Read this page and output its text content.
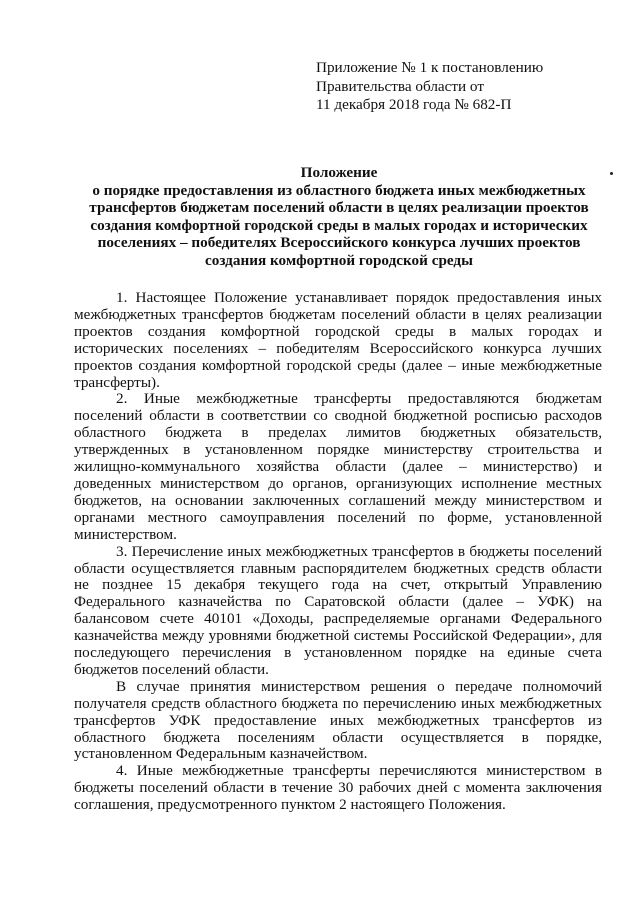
Приложение № 1 к постановлению
Правительства области от
11 декабря 2018 года № 682-П
Положение
о порядке предоставления из областного бюджета иных межбюджетных
трансфертов бюджетам поселений области в целях реализации проектов
создания комфортной городской среды в малых городах и исторических
поселениях – победителях Всероссийского конкурса лучших проектов
создания комфортной городской среды

1. Настоящее Положение устанавливает порядок предоставления иных межбюджетных трансфертов бюджетам поселений области в целях реализации проектов создания комфортной городской среды в малых городах и исторических поселениях – победителям Всероссийского конкурса лучших проектов создания комфортной городской среды (далее – иные межбюджетные трансферты).

2. Иные межбюджетные трансферты предоставляются бюджетам поселений области в соответствии со сводной бюджетной росписью расходов областного бюджета в пределах лимитов бюджетных обязательств, утвержденных в установленном порядке министерству строительства и жилищно-коммунального хозяйства области (далее – министерство) и доведенных министерством до органов, организующих исполнение местных бюджетов, на основании заключенных соглашений между министерством и органами местного самоуправления поселений по форме, установленной министерством.

3. Перечисление иных межбюджетных трансфертов в бюджеты поселений области осуществляется главным распорядителем бюджетных средств области не позднее 15 декабря текущего года на счет, открытый Управлению Федерального казначейства по Саратовской области (далее – УФК) на балансовом счете 40101 «Доходы, распределяемые органами Федерального казначейства между уровнями бюджетной системы Российской Федерации», для последующего перечисления в установленном порядке на единые счета бюджетов поселений области.

В случае принятия министерством решения о передаче полномочий получателя средств областного бюджета по перечислению иных межбюджетных трансфертов УФК предоставление иных межбюджетных трансфертов из областного бюджета поселениям области осуществляется в порядке, установленном Федеральным казначейством.

4. Иные межбюджетные трансферты перечисляются министерством в бюджеты поселений области в течение 30 рабочих дней с момента заключения соглашения, предусмотренного пунктом 2 настоящего Положения.
